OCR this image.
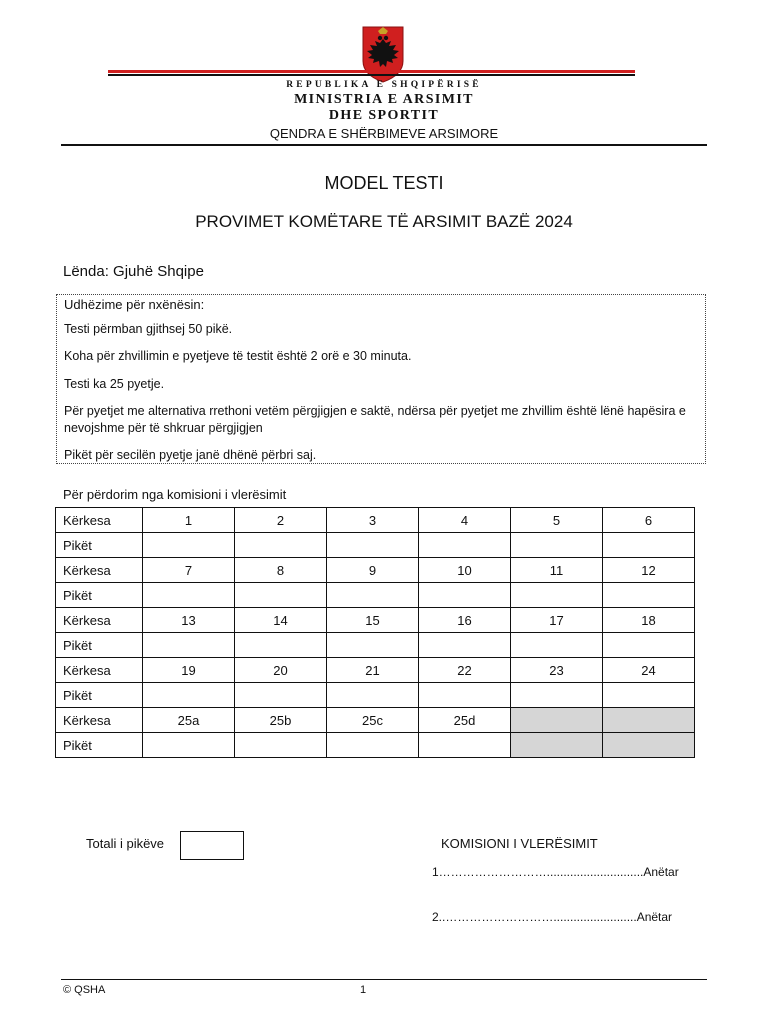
REPUBLIKA E SHQIPËRISË
MINISTRIA E ARSIMIT
DHE SPORTIT
QENDRA E SHËRBIMEVE ARSIMORE
MODEL TESTI
PROVIMET KOMËTARE TË ARSIMIT BAZË 2024
Lënda: Gjuhë Shqipe
Udhëzime për nxënësin:
Testi përmban gjithsej 50 pikë.
Koha për zhvillimin e pyetjeve të testit është 2 orë e 30 minuta.
Testi ka 25 pyetje.
Për pyetjet me alternativa rrethoni vetëm përgjigjen e saktë, ndërsa për pyetjet me zhvillim është lënë hapësira e nevojshme për të shkruar përgjigjen
Pikët për secilën pyetje janë dhënë përbri saj.
Për përdorim nga komisioni i vlerësimit
Kërkesa	1	2	3	4	5	6
Pikët						
Kërkesa	7	8	9	10	11	12
Pikët						
Kërkesa	13	14	15	16	17	18
Pikët						
Kërkesa	19	20	21	22	23	24
Pikët						
Kërkesa	25a	25b	25c	25d		
Pikët						
Totali i pikëve	KOMISIONI I VLERËSIMIT
1……………………….............................Anëtar
2..……………………….........................Anëtar
© QSHA	1
